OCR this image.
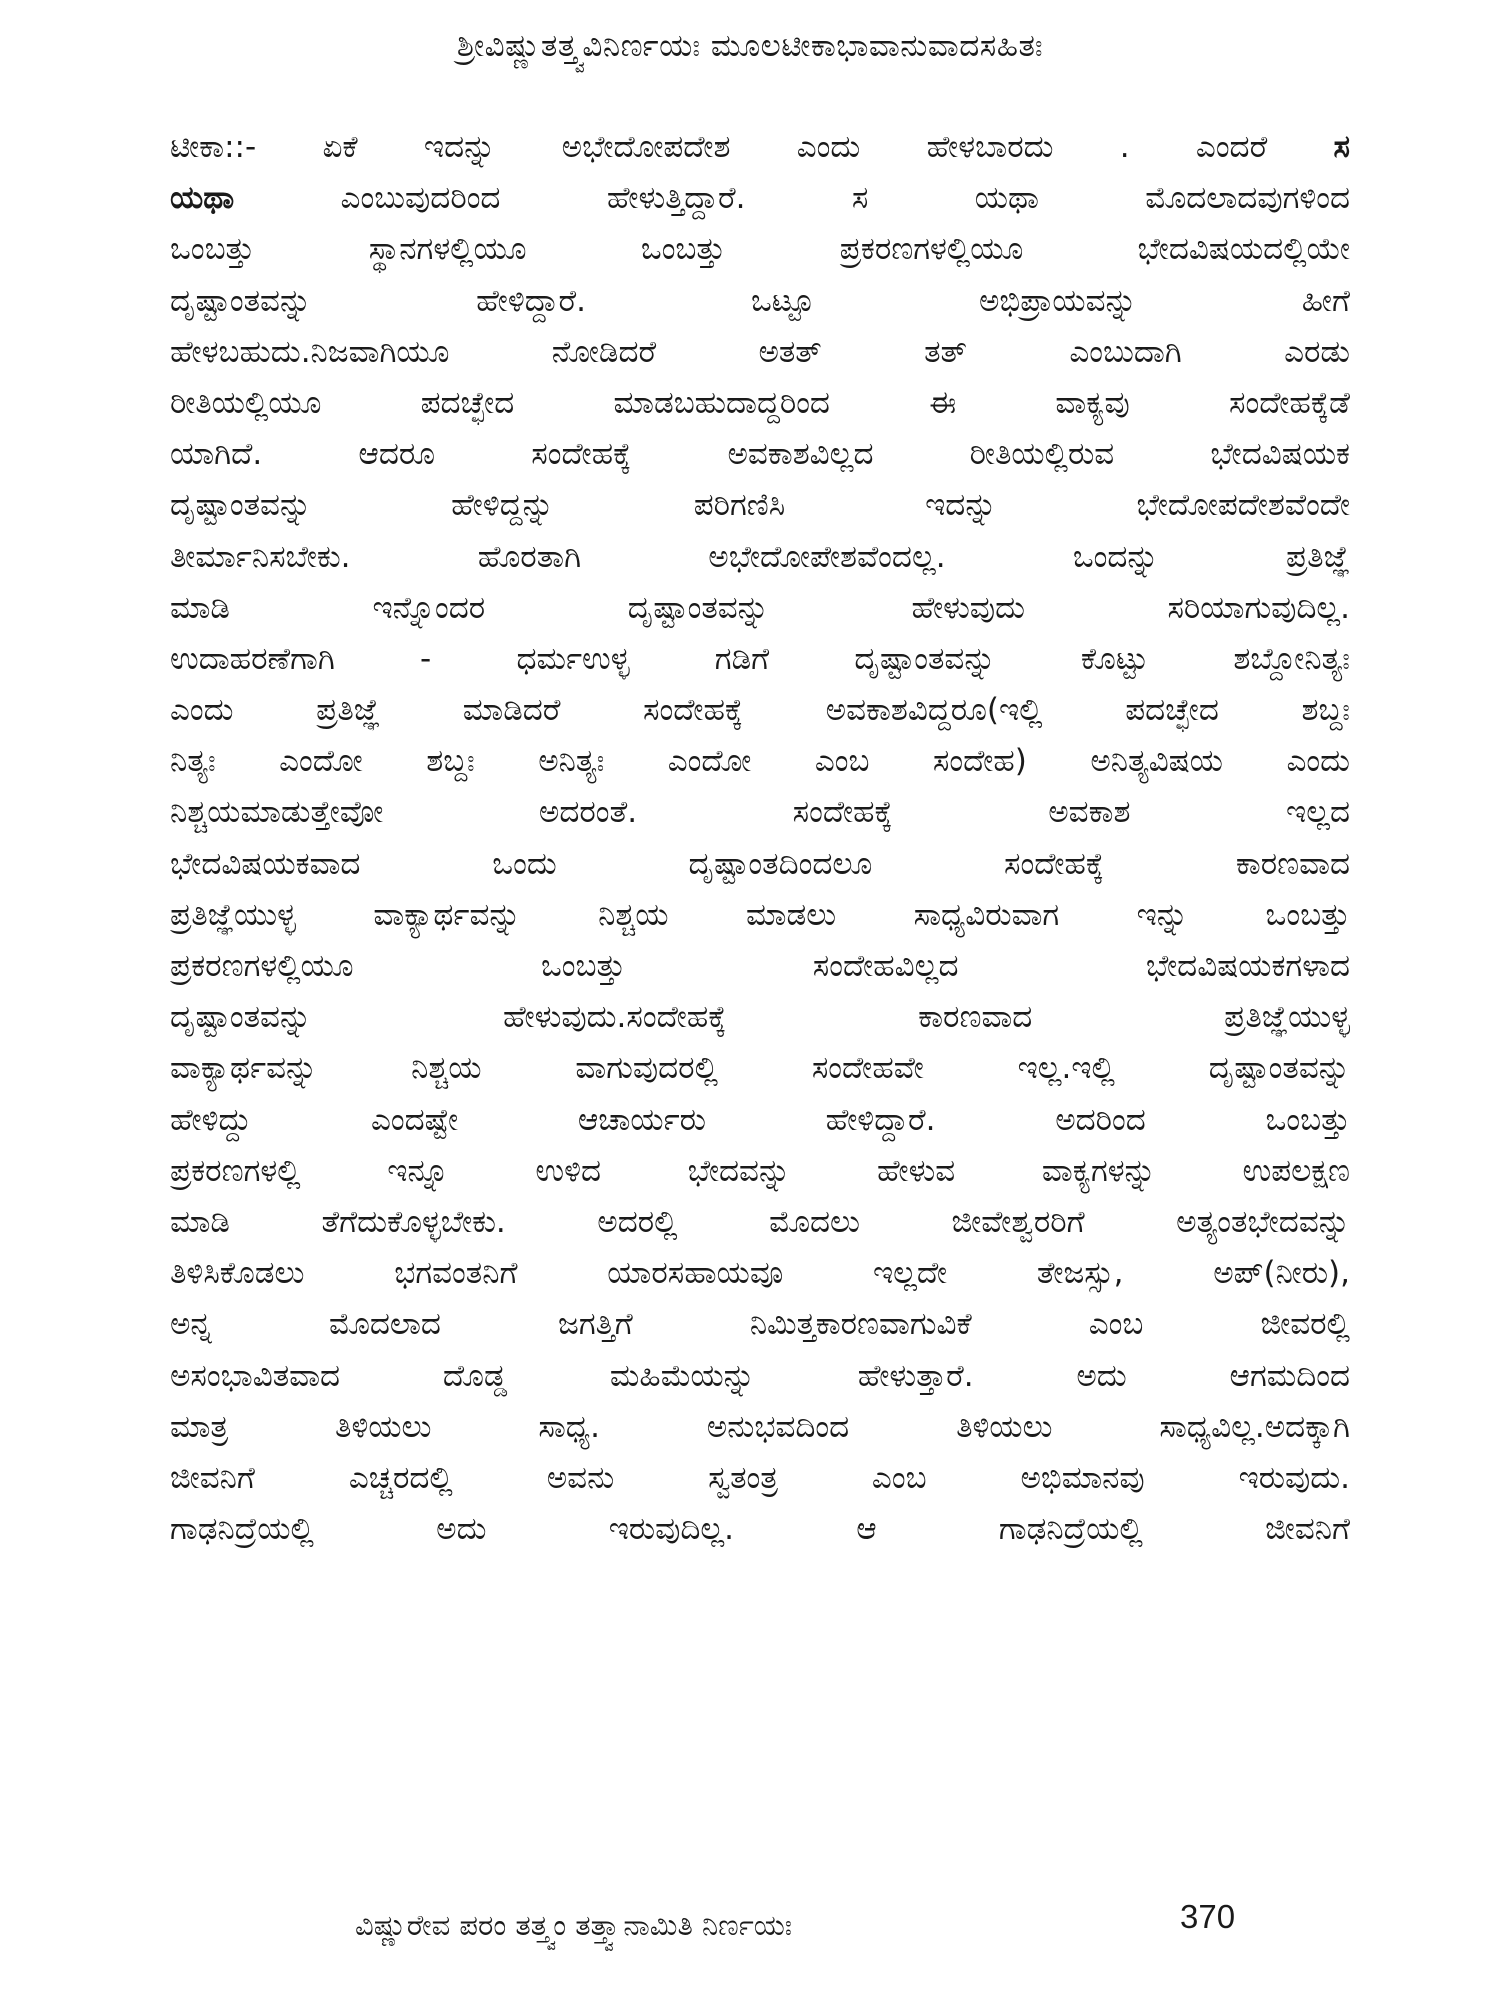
ಶ್ರೀವಿಷ್ಣುತತ್ತ್ವವಿನಿರ್ಣಯಃ ಮೂಲಟೀಕಾಭಾವಾನುವಾದಸಹಿತಃ
ಟೀಕಾ::- ಏಕೆ ಇದನ್ನು ಅಭೇದೋಪದೇಶ ಎಂದು ಹೇಳಬಾರದು . ಎಂದರೆ ಸ
ಯಥಾ ಎಂಬುವುದರಿಂದ ಹೇಳುತ್ತಿದ್ದಾರೆ. ಸ ಯಥಾ ಮೊದಲಾದವುಗಳಿಂದ
ಒಂಬತ್ತು ಸ್ಥಾನಗಳಲ್ಲಿಯೂ ಒಂಬತ್ತು ಪ್ರಕರಣಗಳಲ್ಲಿಯೂ ಭೇದವಿಷಯದಲ್ಲಿಯೇ
ದೃಷ್ಟಾಂತವನ್ನು ಹೇಳಿದ್ದಾರೆ. ಒಟ್ಟೂ ಅಭಿಪ್ರಾಯವನ್ನು ಹೀಗೆ
ಹೇಳಬಹುದು.ನಿಜವಾಗಿಯೂ ನೋಡಿದರೆ ಅತತ್ ತತ್ ಎಂಬುದಾಗಿ ಎರಡು
ರೀತಿಯಲ್ಲಿಯೂ ಪದಚ್ಛೇದ ಮಾಡಬಹುದಾದ್ದರಿಂದ ಈ ವಾಕ್ಯವು ಸಂದೇಹಕ್ಕೆಡೆ
ಯಾಗಿದೆ. ಆದರೂ ಸಂದೇಹಕ್ಕೆ ಅವಕಾಶವಿಲ್ಲದ ರೀತಿಯಲ್ಲಿರುವ ಭೇದವಿಷಯಕ
ದೃಷ್ಟಾಂತವನ್ನು ಹೇಳಿದ್ದನ್ನು ಪರಿಗಣಿಸಿ ಇದನ್ನು ಭೇದೋಪದೇಶವೆಂದೇ
ತೀರ್ಮಾನಿಸಬೇಕು. ಹೊರತಾಗಿ ಅಭೇದೋಪೇಶವೆಂದಲ್ಲ. ಒಂದನ್ನು ಪ್ರತಿಜ್ಞೆ
ಮಾಡಿ ಇನ್ನೊಂದರ ದೃಷ್ಟಾಂತವನ್ನು ಹೇಳುವುದು ಸರಿಯಾಗುವುದಿಲ್ಲ.
ಉದಾಹರಣೆಗಾಗಿ - ಧರ್ಮಉಳ್ಳ ಗಡಿಗೆ ದೃಷ್ಟಾಂತವನ್ನು ಕೊಟ್ಟು ಶಬ್ದೋನಿತ್ಯಃ
ಎಂದು ಪ್ರತಿಜ್ಞೆ ಮಾಡಿದರೆ ಸಂದೇಹಕ್ಕೆ ಅವಕಾಶವಿದ್ದರೂ(ಇಲ್ಲಿ ಪದಚ್ಛೇದ ಶಬ್ದಃ
ನಿತ್ಯಃ ಎಂದೋ ಶಬ್ದಃ ಅನಿತ್ಯಃ ಎಂದೋ ಎಂಬ ಸಂದೇಹ) ಅನಿತ್ಯವಿಷಯ ಎಂದು
ನಿಶ್ಚಯಮಾಡುತ್ತೇವೋ ಅದರಂತೆ. ಸಂದೇಹಕ್ಕೆ ಅವಕಾಶ ಇಲ್ಲದ
ಭೇದವಿಷಯಕವಾದ ಒಂದು ದೃಷ್ಟಾಂತದಿಂದಲೂ ಸಂದೇಹಕ್ಕೆ ಕಾರಣವಾದ
ಪ್ರತಿಜ್ಞೆಯುಳ್ಳ ವಾಕ್ಯಾರ್ಥವನ್ನು ನಿಶ್ಚಯ ಮಾಡಲು ಸಾಧ್ಯವಿರುವಾಗ ಇನ್ನು ಒಂಬತ್ತು
ಪ್ರಕರಣಗಳಲ್ಲಿಯೂ ಒಂಬತ್ತು ಸಂದೇಹವಿಲ್ಲದ ಭೇದವಿಷಯಕಗಳಾದ
ದೃಷ್ಟಾಂತವನ್ನು ಹೇಳುವುದು.ಸಂದೇಹಕ್ಕೆ ಕಾರಣವಾದ ಪ್ರತಿಜ್ಞೆಯುಳ್ಳ
ವಾಕ್ಯಾರ್ಥವನ್ನು ನಿಶ್ಚಯ ವಾಗುವುದರಲ್ಲಿ ಸಂದೇಹವೇ ಇಲ್ಲ.ಇಲ್ಲಿ ದೃಷ್ಟಾಂತವನ್ನು
ಹೇಳಿದ್ದು ಎಂದಷ್ಟೇ ಆಚಾರ್ಯರು ಹೇಳಿದ್ದಾರೆ. ಅದರಿಂದ ಒಂಬತ್ತು
ಪ್ರಕರಣಗಳಲ್ಲಿ ಇನ್ನೂ ಉಳಿದ ಭೇದವನ್ನು ಹೇಳುವ ವಾಕ್ಯಗಳನ್ನು ಉಪಲಕ್ಷಣ
ಮಾಡಿ ತೆಗೆದುಕೊಳ್ಳಬೇಕು. ಅದರಲ್ಲಿ ಮೊದಲು ಜೀವೇಶ್ವರರಿಗೆ ಅತ್ಯಂತಭೇದವನ್ನು
ತಿಳಿಸಿಕೊಡಲು ಭಗವಂತನಿಗೆ ಯಾರಸಹಾಯವೂ ಇಲ್ಲದೇ ತೇಜಸ್ಸು, ಅಪ್(ನೀರು),
ಅನ್ನ ಮೊದಲಾದ ಜಗತ್ತಿಗೆ ನಿಮಿತ್ತಕಾರಣವಾಗುವಿಕೆ ಎಂಬ ಜೀವರಲ್ಲಿ
ಅಸಂಭಾವಿತವಾದ ದೊಡ್ಡ ಮಹಿಮೆಯನ್ನು ಹೇಳುತ್ತಾರೆ. ಅದು ಆಗಮದಿಂದ
ಮಾತ್ರ ತಿಳಿಯಲು ಸಾಧ್ಯ. ಅನುಭವದಿಂದ ತಿಳಿಯಲು ಸಾಧ್ಯವಿಲ್ಲ.ಅದಕ್ಕಾಗಿ
ಜೀವನಿಗೆ ಎಚ್ಚರದಲ್ಲಿ ಅವನು ಸ್ವತಂತ್ರ ಎಂಬ ಅಭಿಮಾನವು ಇರುವುದು.
ಗಾಢನಿದ್ರೆಯಲ್ಲಿ ಅದು ಇರುವುದಿಲ್ಲ. ಆ ಗಾಢನಿದ್ರೆಯಲ್ಲಿ ಜೀವನಿಗೆ
ವಿಷ್ಣುರೇವ ಪರಂ ತತ್ತ್ವಂ ತತ್ತ್ವಾನಾಮಿತಿ ನಿರ್ಣಯಃ	370
